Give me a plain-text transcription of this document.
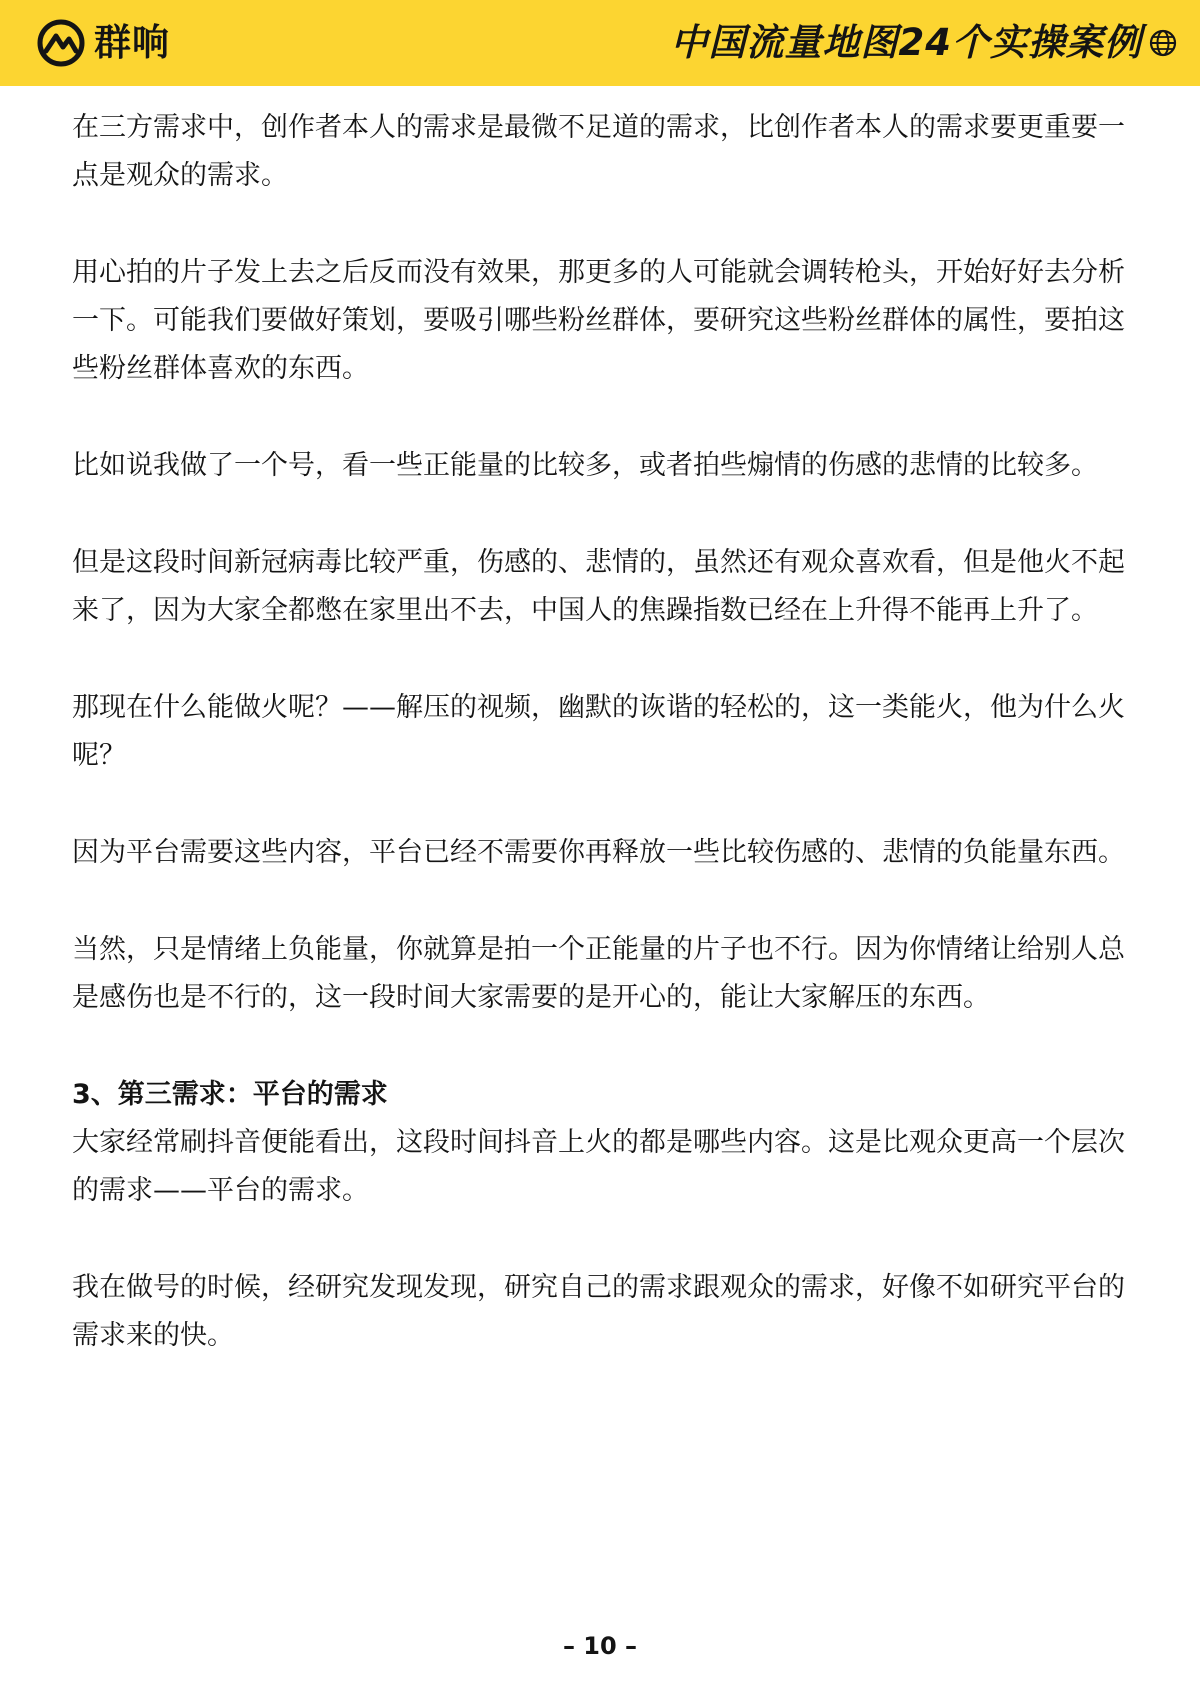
群响	中国流量地图24个实操案例

在三方需求中，创作者本人的需求是最微不足道的需求，比创作者本人的需求要更重要一点是观众的需求。

用心拍的片子发上去之后反而没有效果，那更多的人可能就会调转枪头，开始好好去分析一下。可能我们要做好策划，要吸引哪些粉丝群体，要研究这些粉丝群体的属性，要拍这些粉丝群体喜欢的东西。

比如说我做了一个号，看一些正能量的比较多，或者拍些煽情的伤感的悲情的比较多。

但是这段时间新冠病毒比较严重，伤感的、悲情的，虽然还有观众喜欢看，但是他火不起来了，因为大家全都憋在家里出不去，中国人的焦躁指数已经在上升得不能再上升了。

那现在什么能做火呢？——解压的视频，幽默的诙谐的轻松的，这一类能火，他为什么火呢？

因为平台需要这些内容，平台已经不需要你再释放一些比较伤感的、悲情的负能量东西。

当然，只是情绪上负能量，你就算是拍一个正能量的片子也不行。因为你情绪让给别人总是感伤也是不行的，这一段时间大家需要的是开心的，能让大家解压的东西。

3、第三需求：平台的需求

大家经常刷抖音便能看出，这段时间抖音上火的都是哪些内容。这是比观众更高一个层次的需求——平台的需求。

我在做号的时候，经研究发现发现，研究自己的需求跟观众的需求，好像不如研究平台的需求来的快。

– 10 –
